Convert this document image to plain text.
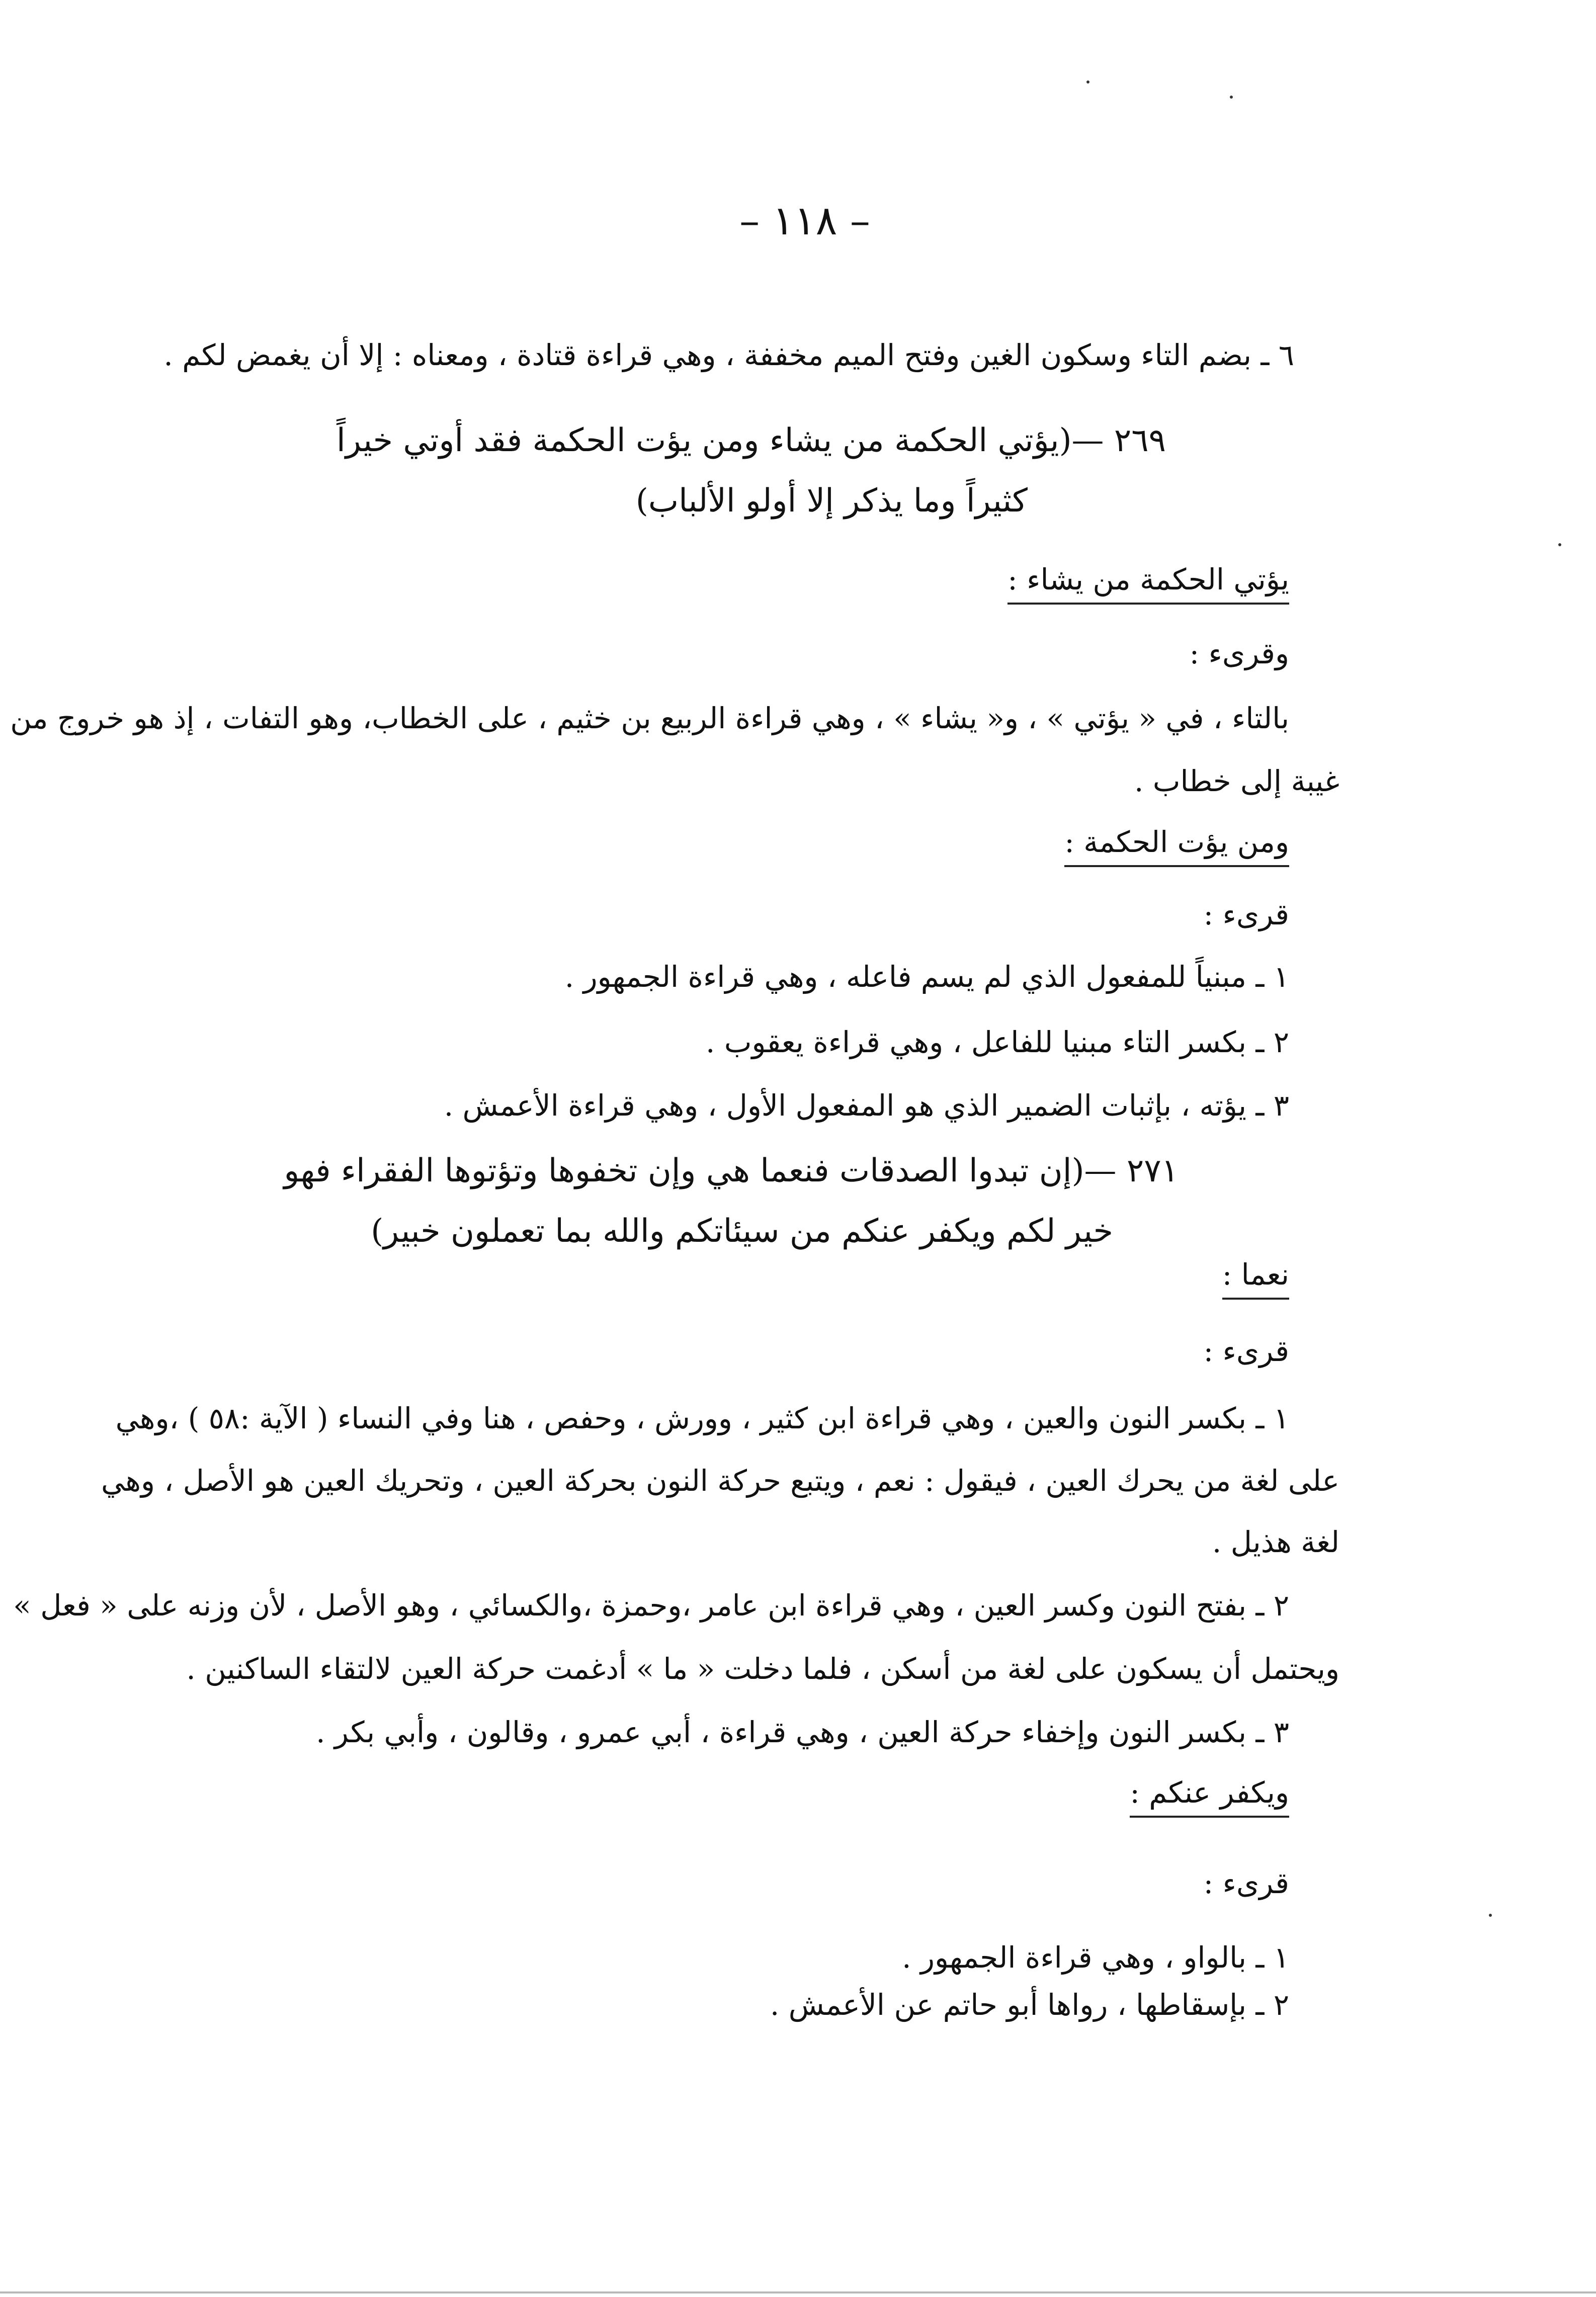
– ١١٨ –
٦ ـ بضم التاء وسكون الغين وفتح الميم مخففة ، وهي قراءة قتادة ، ومعناه : إلا أن يغمض لكم .
٢٦٩ —(يؤتي الحكمة من يشاء ومن يؤت الحكمة فقد أوتي خيراً
كثيراً وما يذكر إلا أولو الألباب)
يؤتي الحكمة من يشاء :
وقرىء :
بالتاء ، في « يؤتي » ، و« يشاء » ، وهي قراءة الربيع بن خثيم ، على الخطاب، وهو التفات ، إذ هو خروج من
غيبة إلى خطاب .
ومن يؤت الحكمة :
قرىء :
١ ـ مبنياً للمفعول الذي لم يسم فاعله ، وهي قراءة الجمهور .
٢ ـ بكسر التاء مبنيا للفاعل ، وهي قراءة يعقوب .
٣ ـ يؤته ، بإثبات الضمير الذي هو المفعول الأول ، وهي قراءة الأعمش .
٢٧١ —(إن تبدوا الصدقات فنعما هي وإن تخفوها وتؤتوها الفقراء فهو
خير لكم ويكفر عنكم من سيئاتكم والله بما تعملون خبير)
نعما :
قرىء :
١ ـ بكسر النون والعين ، وهي قراءة ابن كثير ، وورش ، وحفص ، هنا وفي النساء ( الآية :٥٨ ) ،وهي
على لغة من يحرك العين ، فيقول : نعم ، ويتبع حركة النون بحركة العين ، وتحريك العين هو الأصل ، وهي
لغة هذيل .
٢ ـ بفتح النون وكسر العين ، وهي قراءة ابن عامر ،وحمزة ،والكسائي ، وهو الأصل ، لأن وزنه على « فعل »
ويحتمل أن يسكون على لغة من أسكن ، فلما دخلت « ما » أدغمت حركة العين لالتقاء الساكنين .
٣ ـ بكسر النون وإخفاء حركة العين ، وهي قراءة ، أبي عمرو ، وقالون ، وأبي بكر .
ويكفر عنكم :
قرىء :
١ ـ بالواو ، وهي قراءة الجمهور .
٢ ـ بإسقاطها ، رواها أبو حاتم عن الأعمش .
